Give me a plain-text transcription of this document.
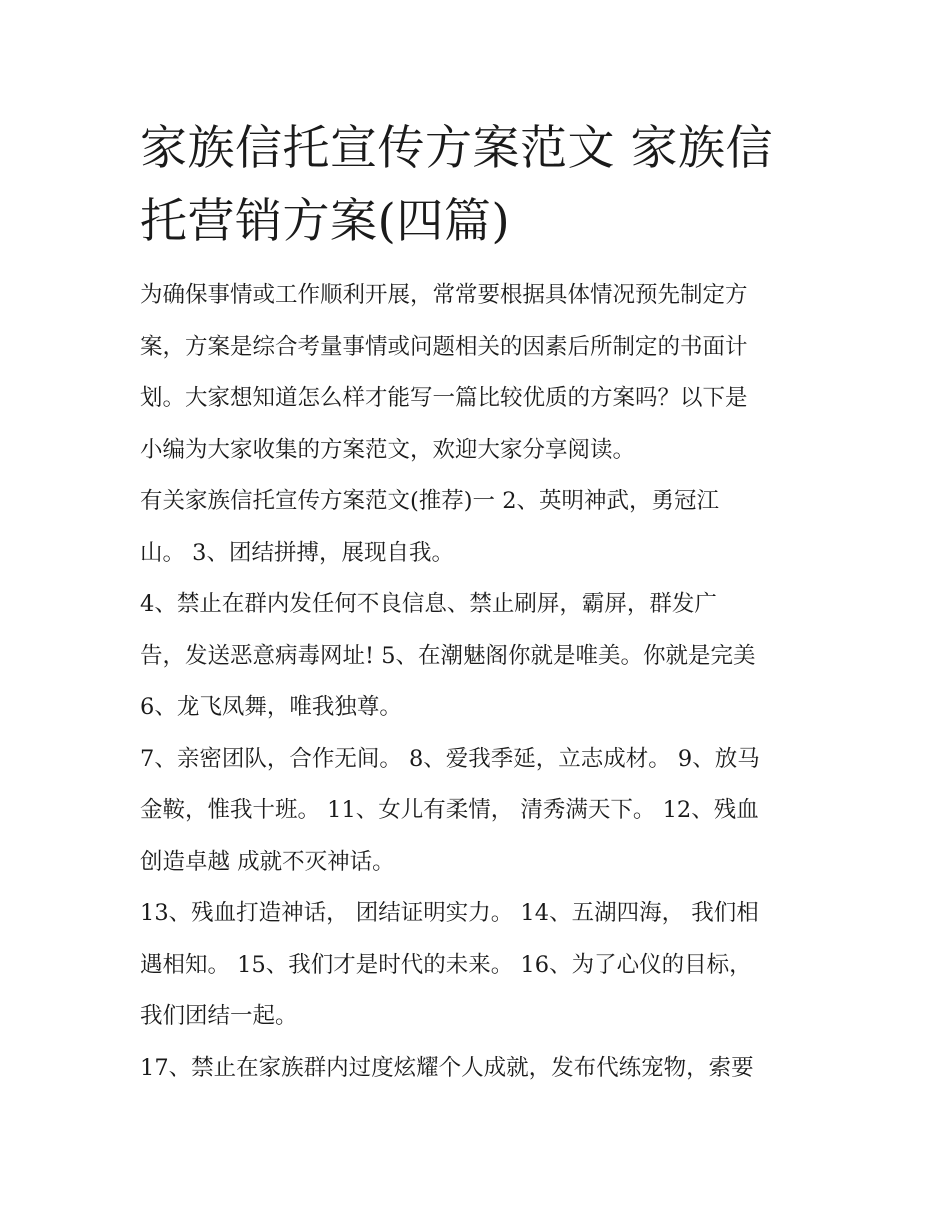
家族信托宣传方案范文 家族信
托营销方案(四篇)

为确保事情或工作顺利开展，常常要根据具体情况预先制定方
案，方案是综合考量事情或问题相关的因素后所制定的书面计
划。大家想知道怎么样才能写一篇比较优质的方案吗？以下是
小编为大家收集的方案范文，欢迎大家分享阅读。

有关家族信托宣传方案范文(推荐)一 2、英明神武，勇冠江
山。 3、团结拼搏，展现自我。

4、禁止在群内发任何不良信息、禁止刷屏，霸屏，群发广
告，发送恶意病毒网址! 5、在潮魅阁你就是唯美。你就是完美
6、龙飞凤舞，唯我独尊。

7、亲密团队，合作无间。 8、爱我季延，立志成材。 9、放马
金鞍，惟我十班。 11、女儿有柔情， 清秀满天下。 12、残血
创造卓越 成就不灭神话。

13、残血打造神话， 团结证明实力。 14、五湖四海， 我们相
遇相知。 15、我们才是时代的未来。 16、为了心仪的目标，
我们团结一起。

17、禁止在家族群内过度炫耀个人成就，发布代练宠物，索要
